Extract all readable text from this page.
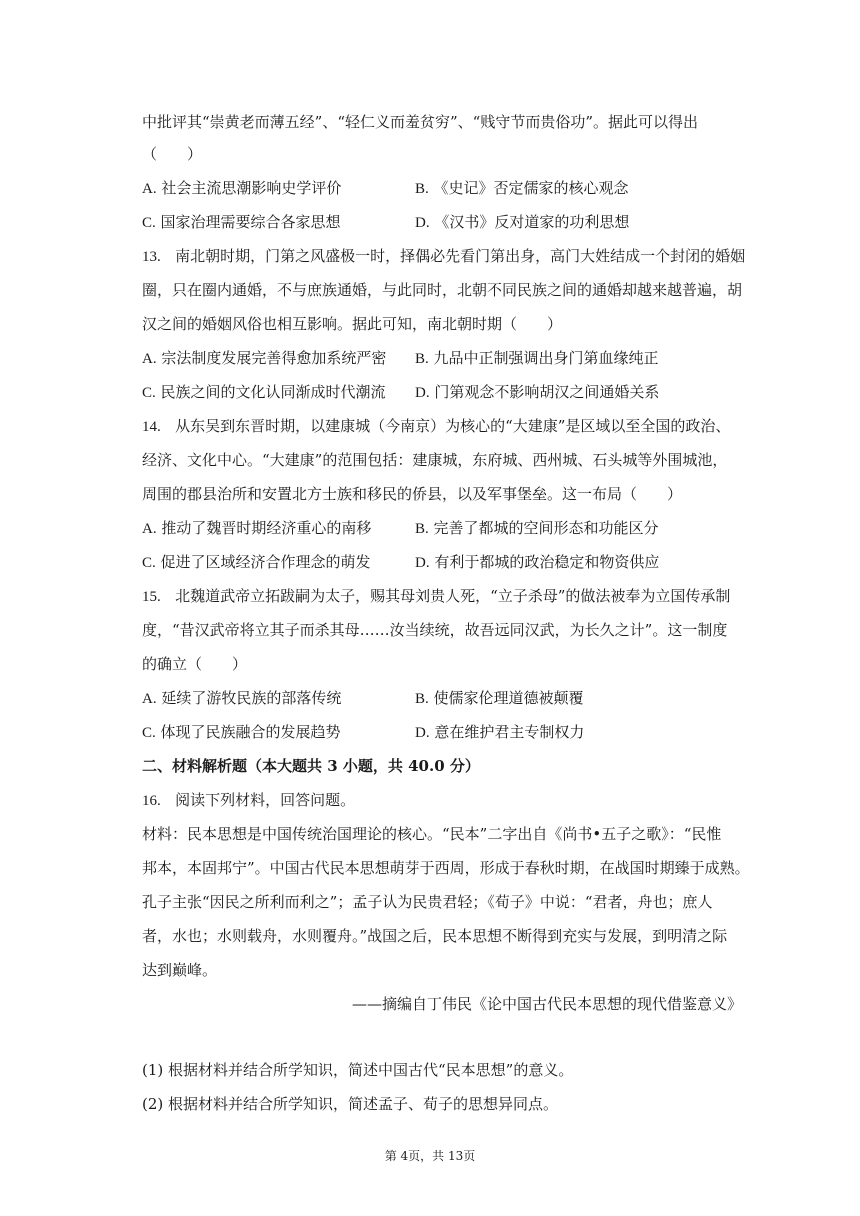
中批评其“崇黄老而薄五经”、“轻仁义而羞贫穷”、“贱守节而贵俗功”。据此可以得出
（　　）
A. 社会主流思潮影响史学评价	B. 《史记》否定儒家的核心观念
C. 国家治理需要综合各家思想	D. 《汉书》反对道家的功利思想
13. 南北朝时期，门第之风盛极一时，择偶必先看门第出身，高门大姓结成一个封闭的婚姻
圈，只在圈内通婚，不与庶族通婚，与此同时，北朝不同民族之间的通婚却越来越普遍，胡
汉之间的婚姻风俗也相互影响。据此可知，南北朝时期（　　）
A. 宗法制度发展完善得愈加系统严密 B. 九品中正制强调出身门第血缘纯正
C. 民族之间的文化认同渐成时代潮流 D. 门第观念不影响胡汉之间通婚关系
14. 从东吴到东晋时期，以建康城（今南京）为核心的“大建康”是区域以至全国的政治、
经济、文化中心。“大建康”的范围包括：建康城，东府城、西州城、石头城等外围城池，
周围的郡县治所和安置北方士族和移民的侨县，以及军事堡垒。这一布局（　　）
A. 推动了魏晋时期经济重心的南移	B. 完善了都城的空间形态和功能区分
C. 促进了区域经济合作理念的萌发	D. 有利于都城的政治稳定和物资供应
15. 北魏道武帝立拓跋嗣为太子，赐其母刘贵人死，“立子杀母”的做法被奉为立国传承制
度，“昔汉武帝将立其子而杀其母……汝当续统，故吾远同汉武，为长久之计”。这一制度
的确立（　　）
A. 延续了游牧民族的部落传统	B. 使儒家伦理道德被颠覆
C. 体现了民族融合的发展趋势	D. 意在维护君主专制权力
二、材料解析题（本大题共 3 小题，共 40.0 分）
16. 阅读下列材料，回答问题。
材料：民本思想是中国传统治国理论的核心。“民本”二字出自《尚书•五子之歌》：“民惟
邦本，本固邦宁”。中国古代民本思想萌芽于西周，形成于春秋时期，在战国时期臻于成熟。
孔子主张“因民之所利而利之”；孟子认为民贵君轻；《荀子》中说：“君者，舟也；庶人
者，水也；水则载舟，水则覆舟。”战国之后，民本思想不断得到充实与发展，到明清之际
达到巅峰。
——摘编自丁伟民《论中国古代民本思想的现代借鉴意义》
(1) 根据材料并结合所学知识，简述中国古代“民本思想”的意义。
(2) 根据材料并结合所学知识，简述孟子、荀子的思想异同点。
第 4页，共 13页
